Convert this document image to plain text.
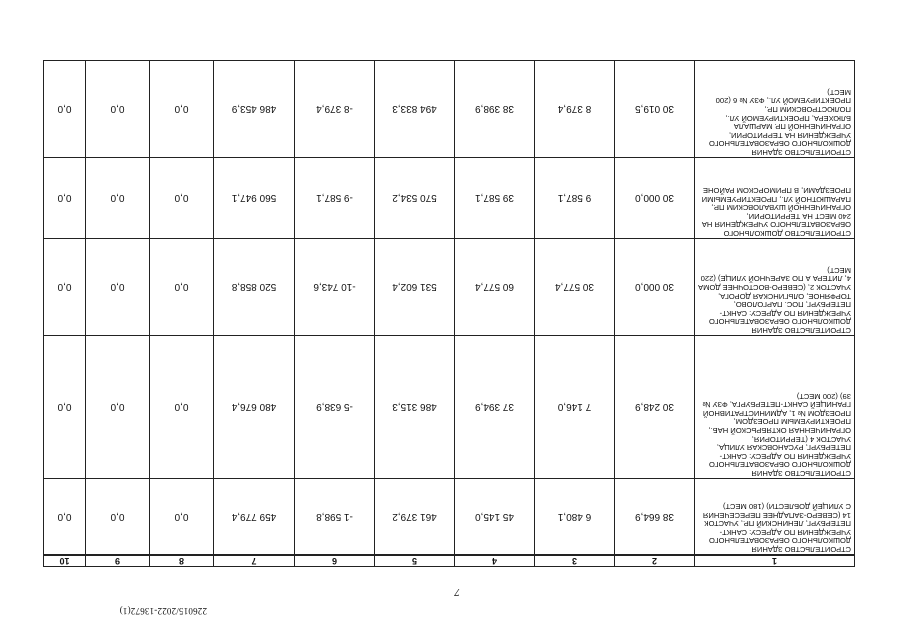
226015/2022-13672(1)
7
1	2	3	4	5	6	7	8	9	10
СТРОИТЕЛЬСТВО ЗДАНИЯ ДОШКОЛЬНОГО ОБРАЗОВАТЕЛЬНОГО УЧРЕЖДЕНИЯ ПО АДРЕСУ: САНКТ-ПЕТЕРБУРГ, ЛЕНИНСКИЙ ПР., УЧАСТОК 14 (СЕВЕРО-ЗАПАДНЕЕ ПЕРЕСЕЧЕНИЯ С УЛИЦЕЙ ДОБЛЕСТИ) (180 МЕСТ)	38 664,9	6 480,1	45 145,0	461 379,2	-1 598,8	459 779,4	0,0	0,0	0,0
СТРОИТЕЛЬСТВО ЗДАНИЯ ДОШКОЛЬНОГО ОБРАЗОВАТЕЛЬНОГО УЧРЕЖДЕНИЯ ПО АДРЕСУ: САНКТ-ПЕТЕРБУРГ, РУСАНОВСКАЯ УЛИЦА, УЧАСТОК 4 (ТЕРРИТОРИЯ, ОГРАНИЧЕННАЯ ОКТЯБРЬСКОЙ НАБ., ПРОЕКТИРУЕМЫМ ПРОЕЗДОМ, ПРОЕЗДОМ № 1, АДМИНИСТРАТИВНОЙ ГРАНИЦЕЙ САНКТ-ПЕТЕРБУРГА, ФЗУ № 39) (200 МЕСТ)	30 248,9	7 146,0	37 394,9	486 315,3	-5 638,9	480 676,4	0,0	0,0	0,0
СТРОИТЕЛЬСТВО ЗДАНИЯ ДОШКОЛЬНОГО ОБРАЗОВАТЕЛЬНОГО УЧРЕЖДЕНИЯ ПО АДРЕСУ: САНКТ-ПЕТЕРБУРГ, ПОС. ПАРГОЛОВО, ТОРФЯНОЕ, ОЛЬГИНСКАЯ ДОРОГА, УЧАСТОК 2, (СЕВЕРО-ВОСТОЧНЕЕ ДОМА 4, ЛИТЕРА А ПО ЗАРЕЧНОЙ УЛИЦЕ) (220 МЕСТ)	30 000,0	30 577,4	60 577,4	531 602,4	-10 743,6	520 858,8	0,0	0,0	0,0
СТРОИТЕЛЬСТВО ДОШКОЛЬНОГО ОБРАЗОВАТЕЛЬНОГО УЧРЕЖДЕНИЯ НА 240 МЕСТ НА ТЕРРИТОРИИ, ОГРАНИЧЕННОЙ ШУВАЛОВСКИМ ПР., ПАРАШЮТНОЙ УЛ., ПРОЕКТИРУЕМЫМИ ПРОЕЗДАМИ, В ПРИМОРСКОМ РАЙОНЕ	30 000,0	9 587,1	39 587,1	570 534,2	-9 587,1	560 947,1	0,0	0,0	0,0
СТРОИТЕЛЬСТВО ЗДАНИЯ ДОШКОЛЬНОГО ОБРАЗОВАТЕЛЬНОГО УЧРЕЖДЕНИЯ НА ТЕРРИТОРИИ, ОГРАНИЧЕННОЙ ПР. МАРШАЛА БЛЮХЕРА, ПРОЕКТИРУЕМОЙ УЛ., ПОЛЮСТРОВСКИМ ПР., ПРОЕКТИРУЕМОЙ УЛ., ФЗУ № 6 (200 МЕСТ)	30 019,5	8 379,4	38 398,9	494 833,3	-8 379,4	486 453,9	0,0	0,0	0,0
